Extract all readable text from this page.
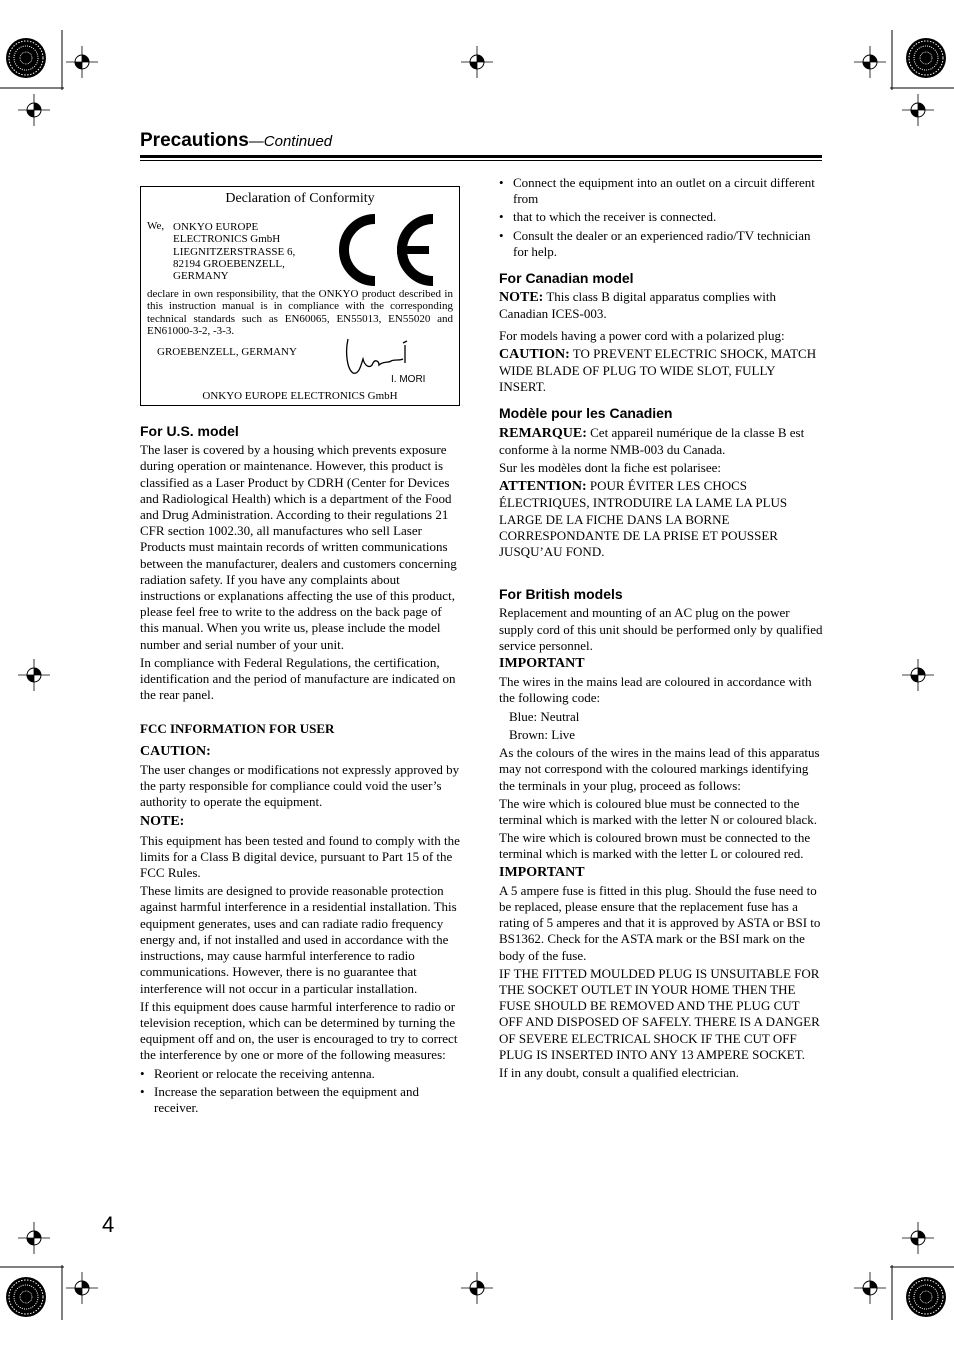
Precautions—Continued
Declaration of Conformity
We, ONKYO EUROPE
ELECTRONICS GmbH
LIEGNITZERSTRASSE 6,
82194 GROEBENZELL,
GERMANY
declare in own responsibility, that the ONKYO product described in this instruction manual is in compliance with the corresponding technical standards such as EN60065, EN55013, EN55020 and EN61000-3-2, -3-3.
GROEBENZELL, GERMANY
I. MORI
ONKYO EUROPE ELECTRONICS GmbH
For U.S. model

The laser is covered by a housing which prevents exposure during operation or maintenance. However, this product is classified as a Laser Product by CDRH (Center for Devices and Radiological Health) which is a department of the Food and Drug Administration. According to their regulations 21 CFR section 1002.30, all manufactures who sell Laser Products must maintain records of written communications between the manufacturer, dealers and customers concerning radiation safety. If you have any complaints about instructions or explanations affecting the use of this product, please feel free to write to the address on the back page of this manual. When you write us, please include the model number and serial number of your unit.

In compliance with Federal Regulations, the certification, identification and the period of manufacture are indicated on the rear panel.

FCC INFORMATION FOR USER
CAUTION:

The user changes or modifications not expressly approved by the party responsible for compliance could void the user’s authority to operate the equipment.

NOTE:

This equipment has been tested and found to comply with the limits for a Class B digital device, pursuant to Part 15 of the FCC Rules.

These limits are designed to provide reasonable protection against harmful interference in a residential installation. This equipment generates, uses and can radiate radio frequency energy and, if not installed and used in accordance with the instructions, may cause harmful interference to radio communications. However, there is no guarantee that interference will not occur in a particular installation.

If this equipment does cause harmful interference to radio or television reception, which can be determined by turning the equipment off and on, the user is encouraged to try to correct the interference by one or more of the following measures:

• Reorient or relocate the receiving antenna.

• Increase the separation between the equipment and receiver.

• Connect the equipment into an outlet on a circuit different from

• that to which the receiver is connected.

• Consult the dealer or an experienced radio/TV technician for help.

For Canadian model

NOTE: This class B digital apparatus complies with Canadian ICES-003.

For models having a power cord with a polarized plug:

CAUTION: TO PREVENT ELECTRIC SHOCK, MATCH WIDE BLADE OF PLUG TO WIDE SLOT, FULLY INSERT.

Modèle pour les Canadien

REMARQUE: Cet appareil numérique de la classe B est conforme à la norme NMB-003 du Canada.

Sur les modèles dont la fiche est polarisee:

ATTENTION: POUR ÉVITER LES CHOCS ÉLECTRIQUES, INTRODUIRE LA LAME LA PLUS LARGE DE LA FICHE DANS LA BORNE CORRESPONDANTE DE LA PRISE ET POUSSER JUSQU’AU FOND.

For British models

Replacement and mounting of an AC plug on the power supply cord of this unit should be performed only by qualified service personnel.

IMPORTANT

The wires in the mains lead are coloured in accordance with the following code:

Blue: Neutral

Brown: Live

As the colours of the wires in the mains lead of this apparatus may not correspond with the coloured markings identifying the terminals in your plug, proceed as follows:

The wire which is coloured blue must be connected to the terminal which is marked with the letter N or coloured black.

The wire which is coloured brown must be connected to the terminal which is marked with the letter L or coloured red.

IMPORTANT

A 5 ampere fuse is fitted in this plug. Should the fuse need to be replaced, please ensure that the replacement fuse has a rating of 5 amperes and that it is approved by ASTA or BSI to BS1362. Check for the ASTA mark or the BSI mark on the body of the fuse.

IF THE FITTED MOULDED PLUG IS UNSUITABLE FOR THE SOCKET OUTLET IN YOUR HOME THEN THE FUSE SHOULD BE REMOVED AND THE PLUG CUT OFF AND DISPOSED OF SAFELY. THERE IS A DANGER OF SEVERE ELECTRICAL SHOCK IF THE CUT OFF PLUG IS INSERTED INTO ANY 13 AMPERE SOCKET.

If in any doubt, consult a qualified electrician.

4
